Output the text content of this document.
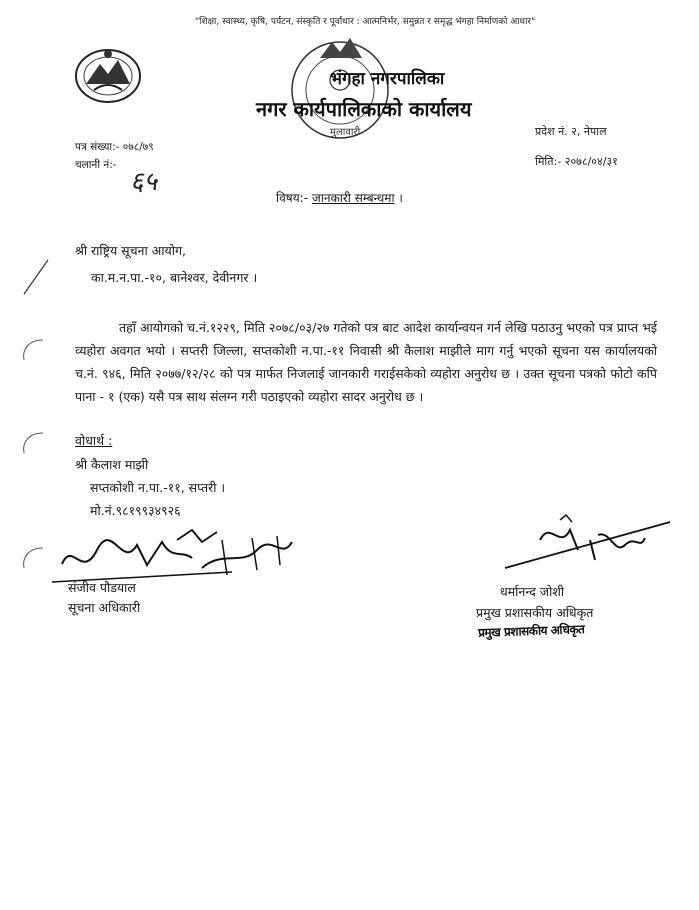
"शिक्षा, स्वास्थ्य, कृषि, पर्यटन, संस्कृति र पूर्वाधार : आत्मनिर्भर, समुन्नत र समृद्ध भंगहा निर्माणको आधार"
भंगहा नगरपालिका
नगर कार्यपालिकाको कार्यालय
मुलावारी	प्रदेश नं. २, नेपाल
पत्र संख्या:- ०७८/७९
चलानी नं:-
६५
मिति:- २०७८/०४/३१
विषय:- जानकारी सम्बन्धमा ।
श्री राष्ट्रिय सूचना आयोग,
का.म.न.पा.-१०, बानेश्वर, देवीनगर ।
तहाँ आयोगको च.नं.१२२९, मिति २०७८/०३/२७ गतेको पत्र बाट आदेश कार्यान्वयन गर्न लेखि पठाउनु भएको पत्र प्राप्त भई व्यहोरा अवगत भयो । सप्तरी जिल्ला, सप्तकोशी न.पा.-११ निवासी श्री कैलाश माझीले माग गर्नु भएको सूचना यस कार्यालयको च.नं. ९४६, मिति २०७७/१२/२८ को पत्र मार्फत निजलाई जानकारी गराईसकेको व्यहोरा अनुरोध छ । उक्त सूचना पत्रको फोटो कपि पाना - १ (एक) यसै पत्र साथ संलग्न गरी पठाइएको व्यहोरा सादर अनुरोध छ ।
वोधार्थ :
श्री कैलाश माझी
सप्तकोशी न.पा.-११, सप्तरी ।
मो.नं.९८१९९३४९२६
संजीव पौडयाल
सूचना अधिकारी
धर्मानन्द जोशी
प्रमुख प्रशासकीय अधिकृत
प्रमुख प्रशासकीय अधिकृत
